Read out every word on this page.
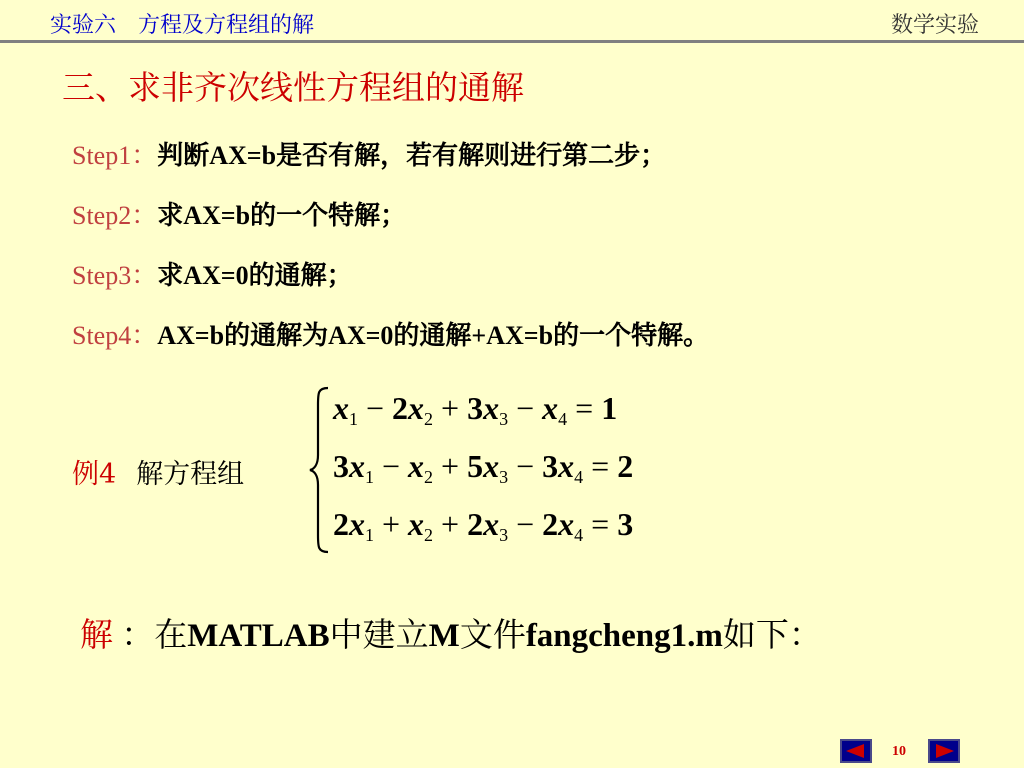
实验六　方程及方程组的解	数学实验
三、求非齐次线性方程组的通解
Step1：判断AX=b是否有解，若有解则进行第二步；
Step2：求AX=b的一个特解；
Step3：求AX=0的通解；
Step4：AX=b的通解为AX=0的通解+AX=b的一个特解。
例4 解方程组
$x_1 - 2x_2 + 3x_3 - x_4 = 1$
$3x_1 - x_2 + 5x_3 - 3x_4 = 2$
$2x_1 + x_2 + 2x_3 - 2x_4 = 3$
解 ：在MATLAB中建立M文件fangcheng1.m如下：
10
